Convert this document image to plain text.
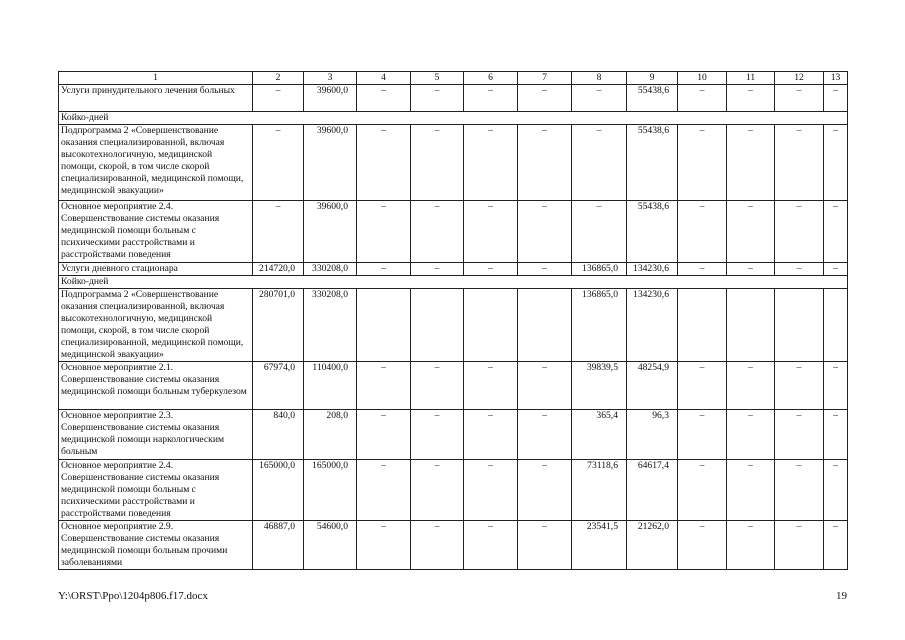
1	2	3	4	5	6	7	8	9	10	11	12	13
Услуги принудительного лечения больных	–	39600,0	–	–	–	–	–	55438,6	–	–	–	–
Койко-дней												
Подпрограмма 2 «Совершенствование оказания специализированной, включая высокотехнологичную, медицинской помощи, скорой, в том числе скорой специализированной, медицинской помощи, медицинской эвакуации»	–	39600,0	–	–	–	–	–	55438,6	–	–	–	–
Основное мероприятие 2.4. Совершенствование системы оказания медицинской помощи больным с психическими расстройствами и расстройствами поведения	–	39600,0	–	–	–	–	–	55438,6	–	–	–	–
Услуги дневного стационара	214720,0	330208,0	–	–	–	–	136865,0	134230,6	–	–	–	–
Койко-дней												
Подпрограмма 2 «Совершенствование оказания специализированной, включая высокотехнологичную, медицинской помощи, скорой, в том числе скорой специализированной, медицинской помощи, медицинской эвакуации»	280701,0	330208,0					136865,0	134230,6				
Основное мероприятие 2.1. Совершенствование системы оказания медицинской помощи больным туберкулезом	67974,0	110400,0	–	–	–	–	39839,5	48254,9	–	–	–	–
Основное мероприятие 2.3. Совершенствование системы оказания медицинской помощи наркологическим больным	840,0	208,0	–	–	–	–	365,4	96,3	–	–	–	–
Основное мероприятие 2.4. Совершенствование системы оказания медицинской помощи больным с психическими расстройствами и расстройствами поведения	165000,0	165000,0	–	–	–	–	73118,6	64617,4	–	–	–	–
Основное мероприятие 2.9. Совершенствование системы оказания медицинской помощи больным прочими заболеваниями	46887,0	54600,0	–	–	–	–	23541,5	21262,0	–	–	–	–
Y:\ORST\Ppo\1204p806.f17.docx	19
